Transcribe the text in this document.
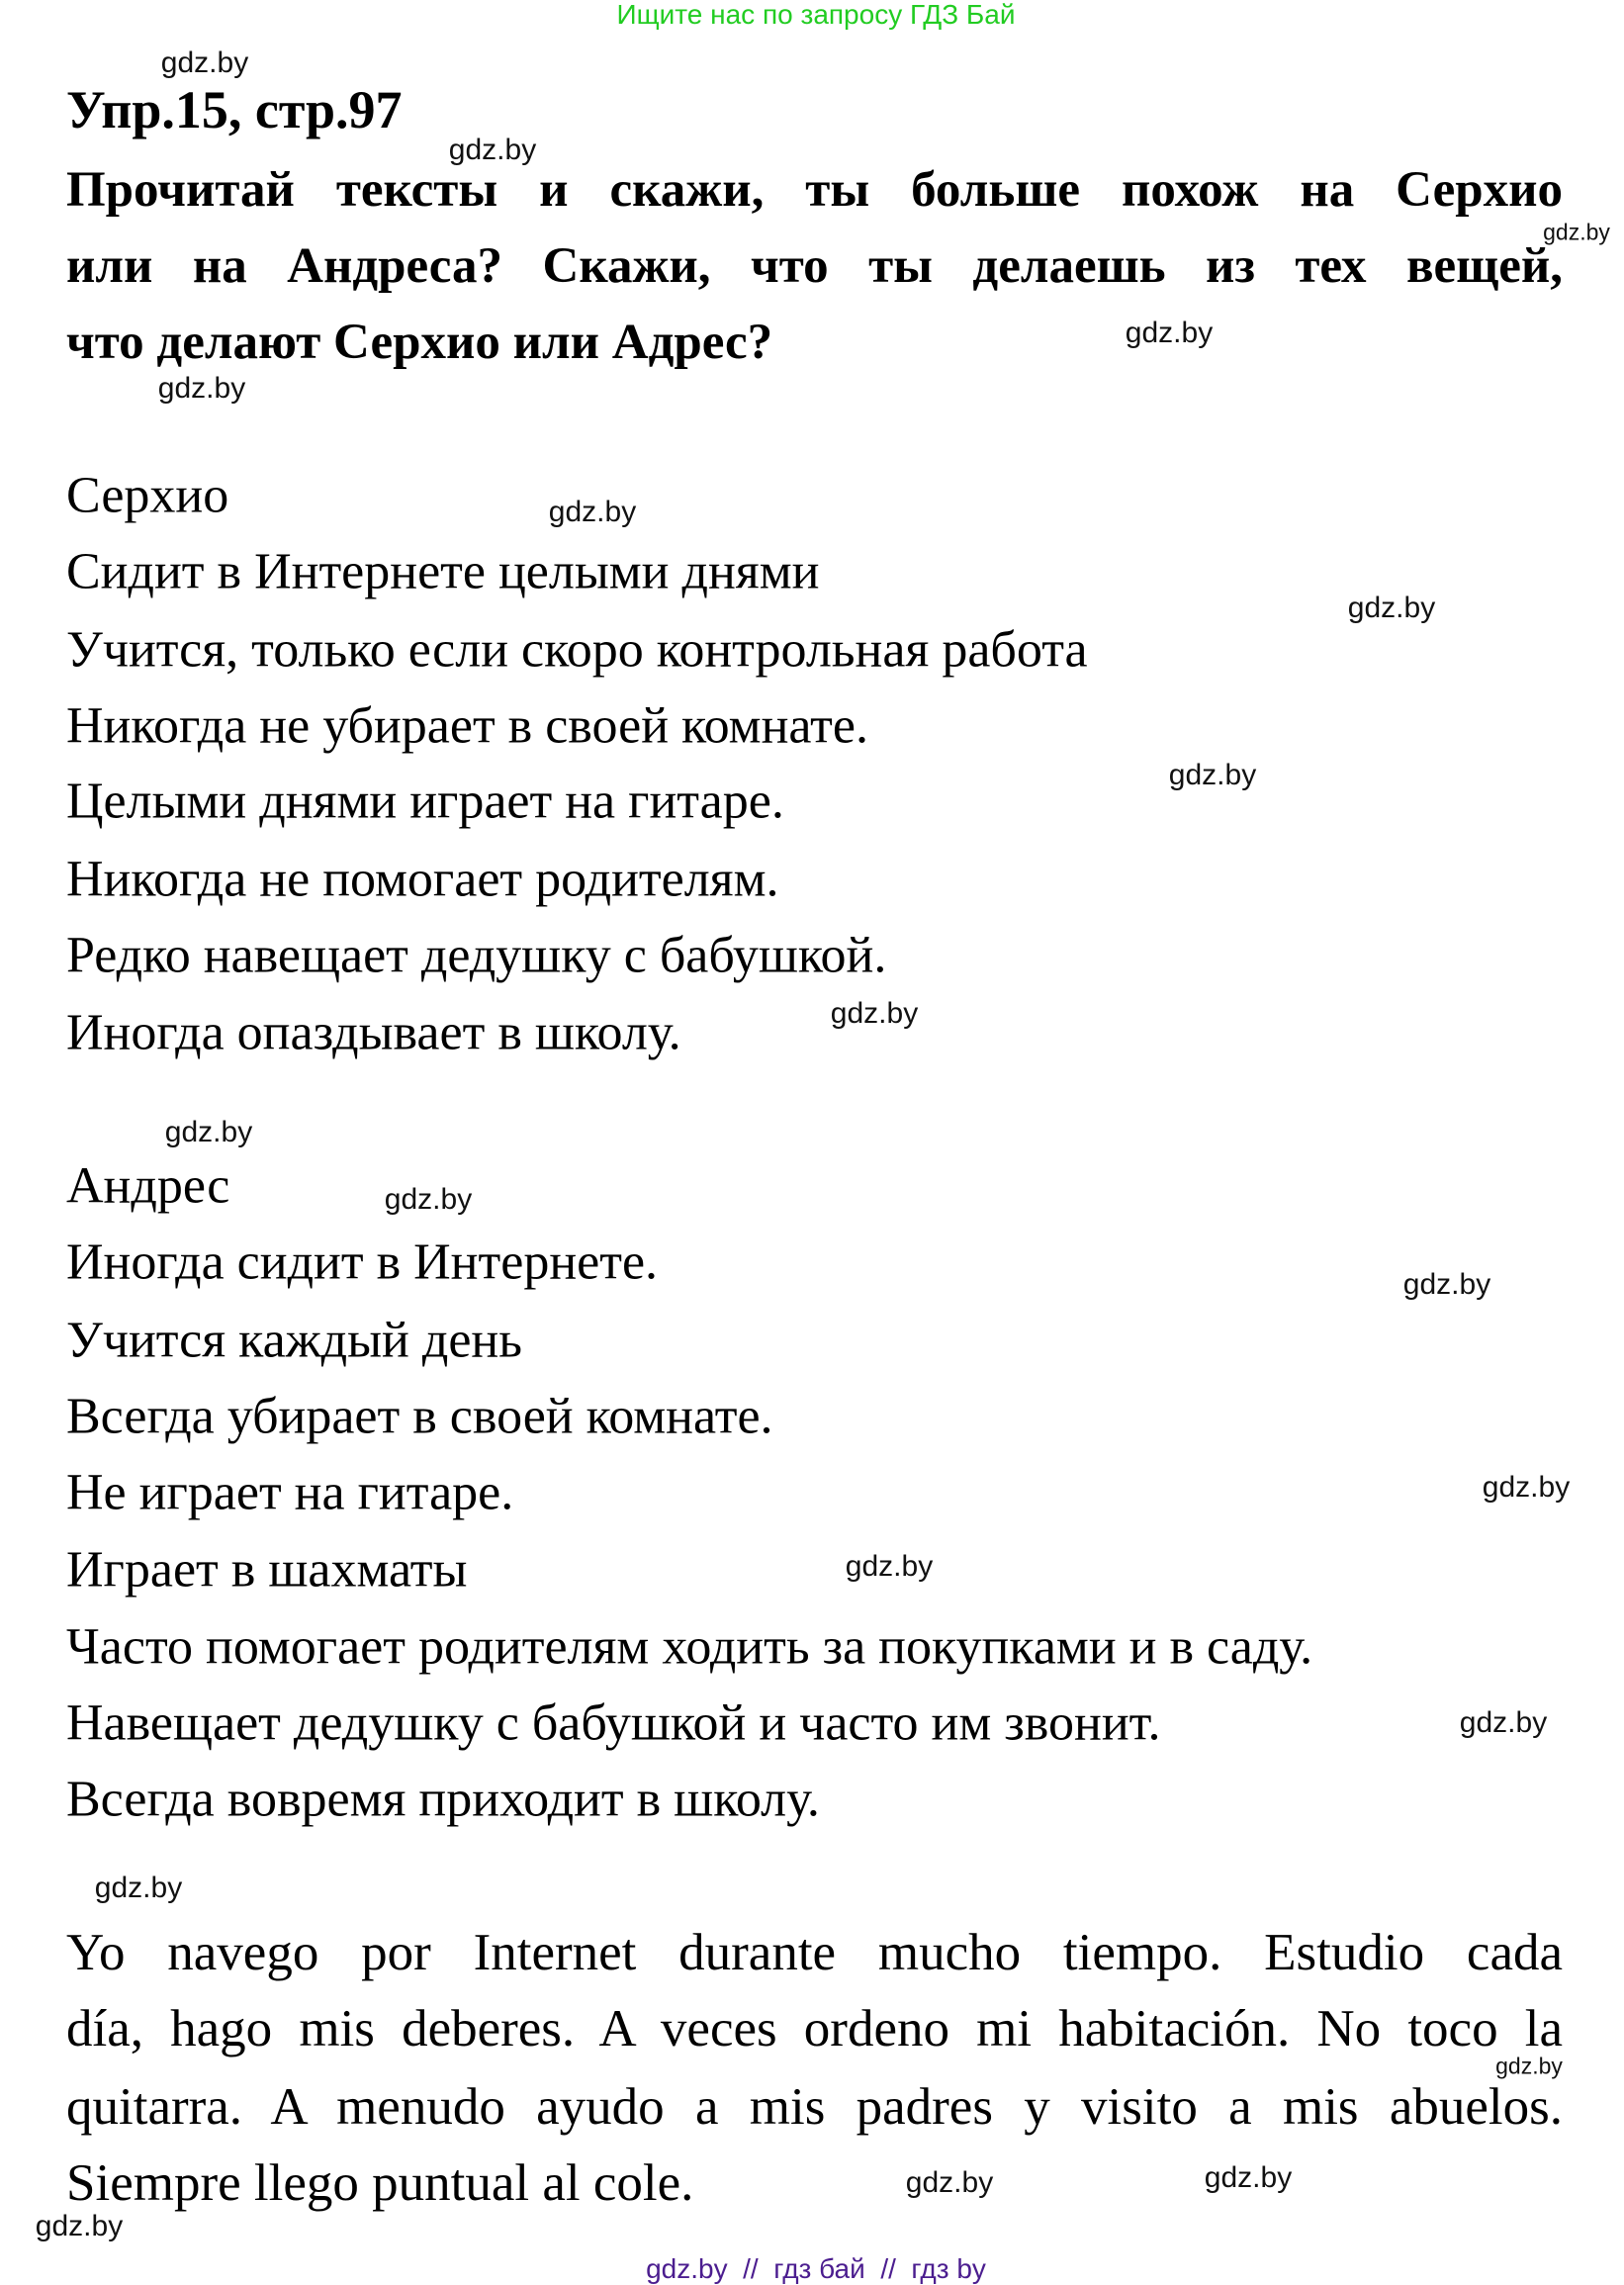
Ищите нас по запросу ГДЗ Бай
Упр.15, стр.97
Прочитай тексты и скажи, ты больше похож на Серхио
или на Андреса? Скажи, что ты делаешь из тех вещей,
что делают Серхио или Адрес?
Серхио
Сидит в Интернете целыми днями
Учится, только если скоро контрольная работа
Никогда не убирает в своей комнате.
Целыми днями играет на гитаре.
Никогда не помогает родителям.
Редко навещает дедушку с бабушкой.
Иногда опаздывает в школу.
Андрес
Иногда сидит в Интернете.
Учится каждый день
Всегда убирает в своей комнате.
Не играет на гитаре.
Играет в шахматы
Часто помогает родителям ходить за покупками и в саду.
Навещает дедушку с бабушкой и часто им звонит.
Всегда вовремя приходит в школу.
Yo navego por Internet durante mucho tiempo. Estudio cada
día, hago mis deberes. A veces ordeno mi habitación. No toco la
quitarra. A menudo ayudo a mis padres y visito a mis abuelos.
Siempre llego puntual al cole.
gdz.by
gdz.by
gdz.by
gdz.by
gdz.by
gdz.by
gdz.by
gdz.by
gdz.by
gdz.by
gdz.by
gdz.by
gdz.by
gdz.by
gdz.by
gdz.by
gdz.by
gdz.by
gdz.by
gdz.by
gdz.by  //  гдз бай  //  гдз by
